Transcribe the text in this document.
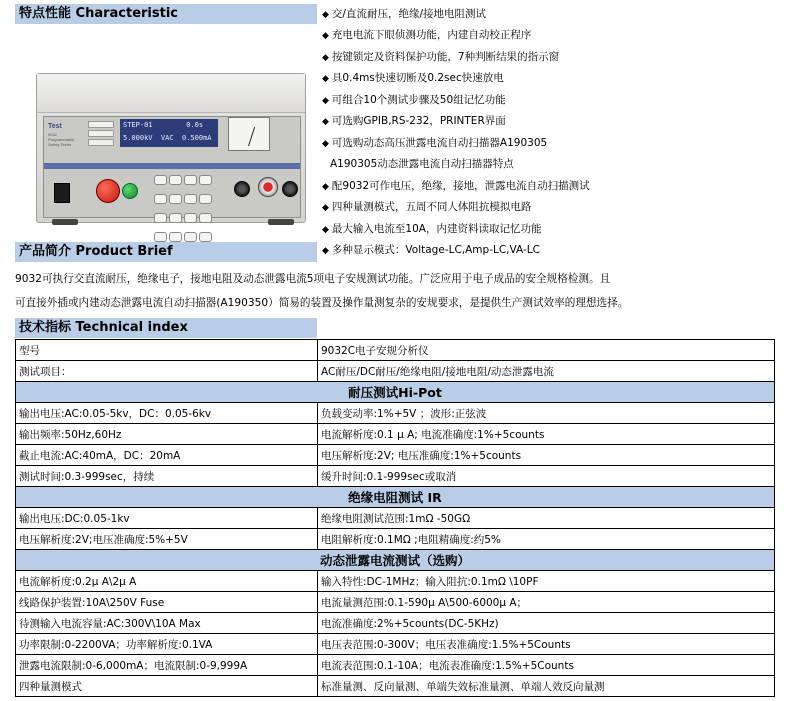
特点性能 Characteristic
Test
9032
Programmable
Safety Tester
STEP-01        0.0s
5.000kV  VAC  0.500mA

产品简介 Product Brief
◆ 交/直流耐压，绝缘/接地电阻测试
◆ 充电电流下眼侦测功能，内建自动校正程序
◆ 按键锁定及资料保护功能，7种判断结果的指示窗
◆ 具0.4ms快速切断及0.2sec快速放电
◆ 可组合10个测试步骤及50组记忆功能
◆ 可选购GPIB,RS-232，PRINTER界面
◆ 可选购动态高压泄露电流自动扫描器A190305
A190305动态泄露电流自动扫描器特点
◆ 配9032可作电压，绝缘，接地，泄露电流自动扫描测试
◆ 四种量测模式，五周不同人体阻抗模拟电路
◆ 最大输入电流至10A，内建资料读取记忆功能
◆ 多种显示模式：Voltage-LC,Amp-LC,VA-LC
9032可执行交直流耐压，绝缘电子，接地电阻及动态泄露电流5项电子安规测试功能。广泛应用于电子成品的安全规格检测。且
可直接外插或内建动态泄露电流自动扫描器(A190350）简易的装置及操作量测复杂的安规要求，是提供生产测试效率的理想选择。
技术指标 Technical index
型号	9032C电子安规分析仪
测试项目：	AC耐压/DC耐压/绝缘电阻/接地电阻/动态泄露电流
耐压测试Hi-Pot	
输出电压:AC:0.05-5kv，DC：0.05-6kv	负载变动率:1%+5V ；波形:正弦波
输出频率:50Hz,60Hz	电流解析度:0.1 μ A; 电流准确度:1%+5counts
截止电流:AC:40mA，DC：20mA	电压解析度:2V; 电压准确度:1%+5counts
测试时间:0.3-999sec，持续	缓升时间:0.1-999sec或取消
绝缘电阻测试 IR	
输出电压:DC:0.05-1kv	绝缘电阻测试范围:1mΩ -50GΩ
电压解析度:2V;电压准确度:5%+5V	电阻解析度:0.1MΩ ;电阻精确度:约5%
动态泄露电流测试（选购）	
电流解析度:0.2μ A\2μ A	输入特性:DC-1MHz；输入阻抗:0.1mΩ \10PF
线路保护装置:10A\250V Fuse	电流量测范围:0.1-590μ A\500-6000μ A；
待测输入电流容量:AC:300V\10A Max	电流准确度:2%+5counts(DC-5KHz)
功率限制:0-2200VA；功率解析度:0.1VA	电压表范围:0-300V；电压表准确度:1.5%+5Counts
泄露电流限制:0-6,000mA；电流限制:0-9,999A	电流表范围:0.1-10A；电流表准确度:1.5%+5Counts
四种量测模式	标准量测、反向量测、单端失效标准量测、单端人效反向量测
